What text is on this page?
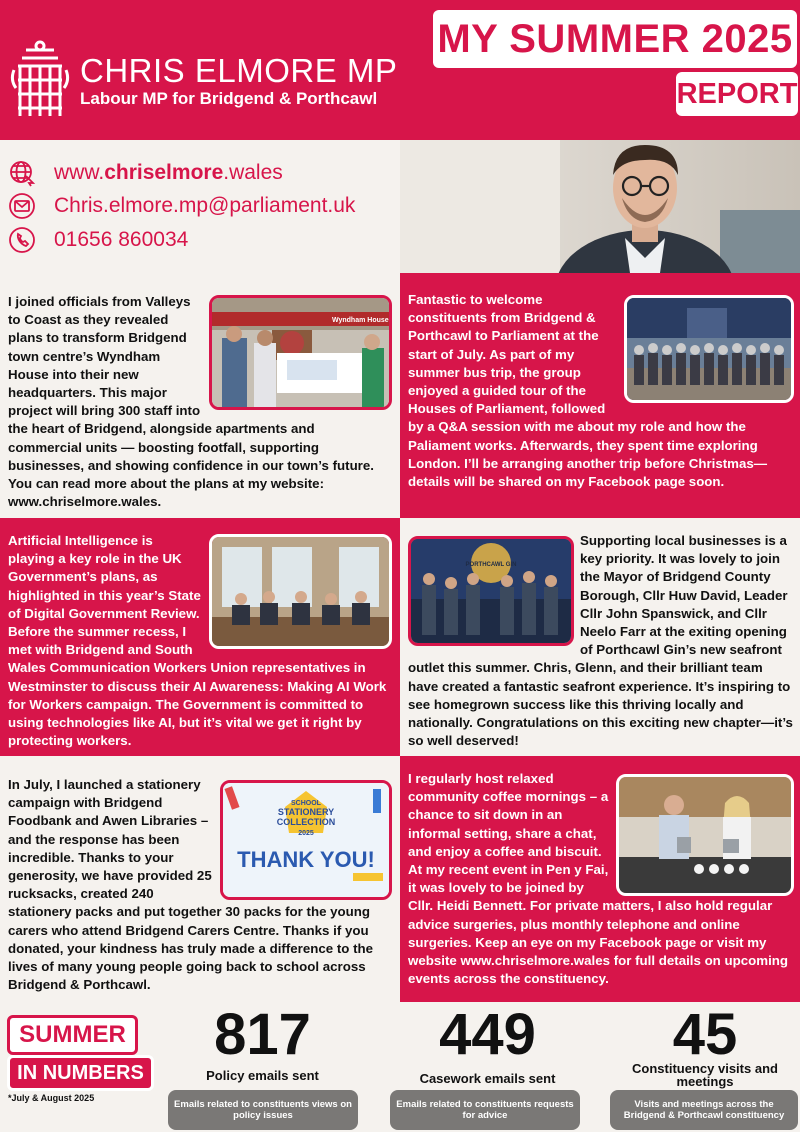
CHRIS ELMORE MP
Labour MP for Bridgend & Porthcawl
MY SUMMER 2025
REPORT
www.chriselmore.wales
Chris.elmore.mp@parliament.uk
01656 860034
Wyndham House
I joined officials from Valleys to Coast as they revealed plans to transform Bridgend town centre’s Wyndham House into their new headquarters. This major project will bring 300 staff into the heart of Bridgend, alongside apartments and commercial units — boosting footfall, supporting businesses, and showing confidence in our town’s future. You can read more about the plans at my website: www.chriselmore.wales.
Fantastic to welcome constituents from Bridgend & Porthcawl to Parliament at the start of July. As part of my summer bus trip, the group enjoyed a guided tour of the Houses of Parliament, followed by a Q&A session with me about my role and how the Paliament works. Afterwards, they spent time exploring London. I’ll be arranging another trip before Christmas—details will be shared on my Facebook page soon.
Artificial Intelligence is playing a key role in the UK Government’s plans, as highlighted in this year’s State of Digital Government Review. Before the summer recess, I met with Bridgend and South Wales Communication Workers Union representatives in Westminster to discuss their AI Awareness: Making AI Work for Workers campaign. The Government is committed to using technologies like AI, but it’s vital we get it right by protecting workers.
PORTHCAWL GIN
Supporting local businesses is a key priority. It was lovely to join the Mayor of Bridgend County Borough, Cllr Huw David, Leader Cllr John Spanswick, and Cllr Neelo Farr at the exiting opening of Porthcawl Gin’s new seafront outlet this summer. Chris, Glenn, and their brilliant team have created a fantastic seafront experience. It’s inspiring to see homegrown success like this thriving locally and nationally. Congratulations on this exciting new chapter—it’s so well deserved!
SCHOOL
STATIONERY
COLLECTION
2025
THANK YOU!
In July, I launched a stationery campaign with Bridgend Foodbank and Awen Libraries – and the response has been incredible. Thanks to your generosity, we have provided 25 rucksacks, created 240 stationery packs and put together 30 packs for the young carers who attend Bridgend Carers Centre. Thanks if you donated, your kindness has truly made a difference to the lives of many young people going back to school across Bridgend & Porthcawl.
I regularly host relaxed community coffee mornings – a chance to sit down in an informal setting, share a chat, and enjoy a coffee and biscuit. At my recent event in Pen y Fai, it was lovely to be joined by Cllr. Heidi Bennett. For private matters, I also hold regular advice surgeries, plus monthly telephone and online surgeries. Keep an eye on my Facebook page or visit my website www.chriselmore.wales for full details on upcoming events across the constituency.
SUMMER
IN NUMBERS
*July & August 2025
817
Policy emails sent
Emails related to constituents views on policy issues
449
Casework emails sent
Emails related to constituents requests for advice
45
Constituency visits and meetings
Visits and meetings across the Bridgend & Porthcawl constituency
